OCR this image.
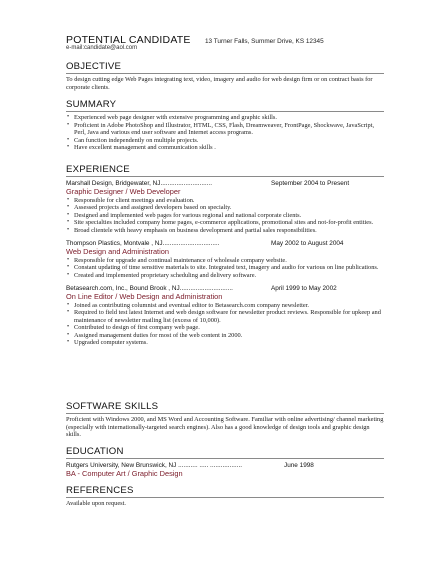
POTENTIAL CANDIDATE 13 Turner Falls, Summer Drive, KS 12345
e-mail:candidate@aol.com
OBJECTIVE
To design cutting edge Web Pages integrating text, video, imagery and audio for web design firm or on contract basis for corporate clients.
SUMMARY
• Experienced web page designer with extensive programming and graphic skills.
• Proficient in Adobe PhotoShop and Illustrator, HTML, CSS, Flash, Dreamweaver, FrontPage, Shockwave, JavaScript, Perl, Java and various end user software and Internet access programs.
• Can function independently on multiple projects.
• Have excellent management and communication skills .
EXPERIENCE
Marshall Design, Bridgewater, NJ.............................	September 2004 to Present
Graphic Designer / Web Developer
• Responsible for client meetings and evaluation.
• Assessed projects and assigned developers based on specialty.
• Designed and implemented web pages for various regional and national corporate clients.
• Site specialties included company home pages, e-commerce applications, promotional sites and not-for-profit entities.
• Broad clientele with heavy emphasis on business development and partial sales responsibilities.
Thompson Plastics, Montvale , NJ................................	May 2002 to August 2004
Web Design and Administration
• Responsible for upgrade and continual maintenance of wholesale company website.
• Constant updating of time sensitive materials to site. Integrated text, imagery and audio for various on line publications.
• Created and implemented proprietary scheduling and delivery software.
Betasearch.com, Inc., Bound Brook , NJ..............................	April 1999 to May 2002
On Line Editor / Web Design and Administration
• Joined as contributing columnist and eventual editor to Betasearch.com company newsletter.
• Required to field test latest Internet and web design software for newsletter product reviews. Responsible for upkeep and maintenance of newsletter mailing list (excess of 10,000).
• Contributed to design of first company web page.
• Assigned management duties for most of the web content in 2000.
• Upgraded computer systems.
SOFTWARE SKILLS
Proficient with Windows 2000, and MS Word and Accounting Software. Familiar with online advertising/ channel marketing (especially with internationally-targeted search engines). Also has a good knowledge of design tools and graphic design skills.
EDUCATION
Rutgers University, New Brunswick, NJ ........... ..... ..................	June 1998
BA - Computer Art / Graphic Design
REFERENCES
Available upon request.
